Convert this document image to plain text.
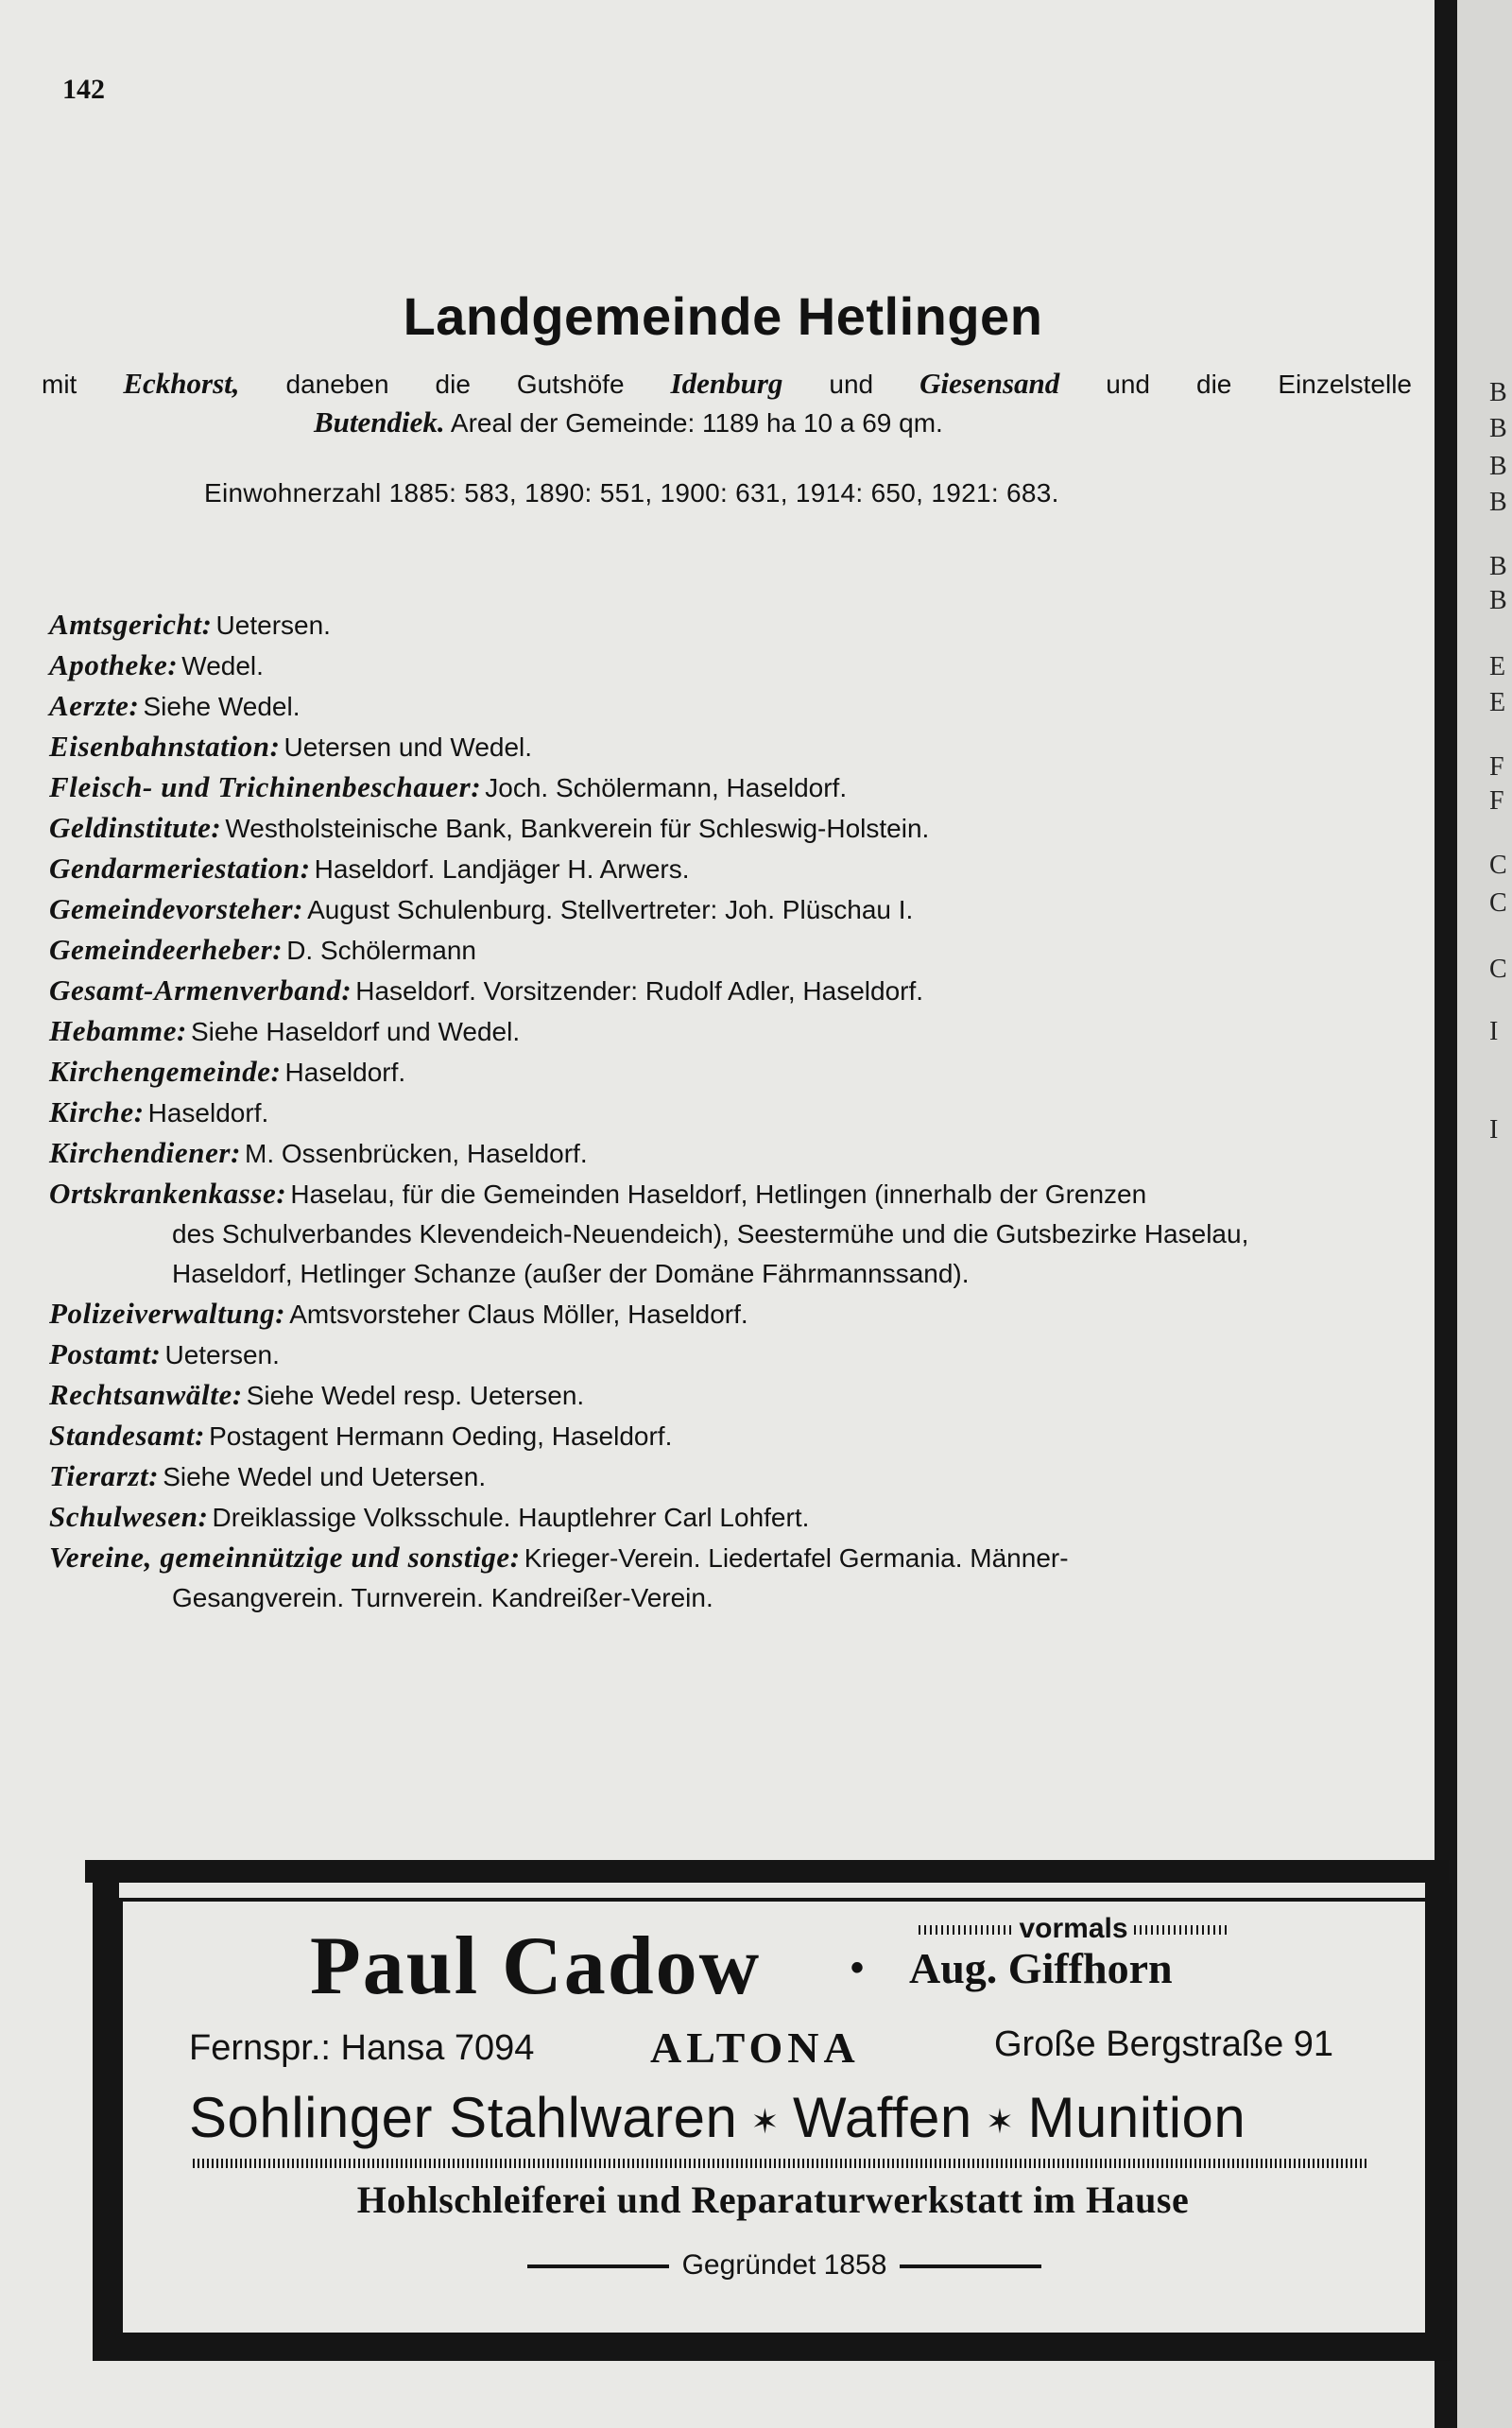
B
B
B
B
B
B
E
E
F
F
C
C
C
I
I
142
Landgemeinde Hetlingen
mit Eckhorst, daneben die Gutshöfe Idenburg und Giesensand und die Einzelstelle
Butendiek. Areal der Gemeinde: 1189 ha 10 a 69 qm.
Einwohnerzahl 1885: 583, 1890: 551, 1900: 631, 1914: 650, 1921: 683.
Amtsgericht: Uetersen.
Apotheke: Wedel.
Aerzte: Siehe Wedel.
Eisenbahnstation: Uetersen und Wedel.
Fleisch- und Trichinenbeschauer: Joch. Schölermann, Haseldorf.
Geldinstitute: Westholsteinische Bank, Bankverein für Schleswig-Holstein.
Gendarmeriestation: Haseldorf. Landjäger H. Arwers.
Gemeindevorsteher: August Schulenburg. Stellvertreter: Joh. Plüschau I.
Gemeindeerheber: D. Schölermann
Gesamt-Armenverband: Haseldorf. Vorsitzender: Rudolf Adler, Haseldorf.
Hebamme: Siehe Haseldorf und Wedel.
Kirchengemeinde: Haseldorf.
Kirche: Haseldorf.
Kirchendiener: M. Ossenbrücken, Haseldorf.
Ortskrankenkasse: Haselau, für die Gemeinden Haseldorf, Hetlingen (innerhalb der Grenzen
des Schulverbandes Klevendeich-Neuendeich), Seestermühe und die Gutsbezirke Haselau,
Haseldorf, Hetlinger Schanze (außer der Domäne Fährmannssand).
Polizeiverwaltung: Amtsvorsteher Claus Möller, Haseldorf.
Postamt: Uetersen.
Rechtsanwälte: Siehe Wedel resp. Uetersen.
Standesamt: Postagent Hermann Oeding, Haseldorf.
Tierarzt: Siehe Wedel und Uetersen.
Schulwesen: Dreiklassige Volksschule. Hauptlehrer Carl Lohfert.
Vereine, gemeinnützige und sonstige: Krieger-Verein. Liedertafel Germania. Männer-
Gesangverein. Turnverein. Kandreißer-Verein.
Paul Cadow •
vormals
Aug. Giffhorn
Fernspr.: Hansa 7094	ALTONA	Große Bergstraße 91
Sohlinger Stahlwaren ✶ Waffen ✶ Munition
Hohlschleiferei und Reparaturwerkstatt im Hause
Gegründet 1858
